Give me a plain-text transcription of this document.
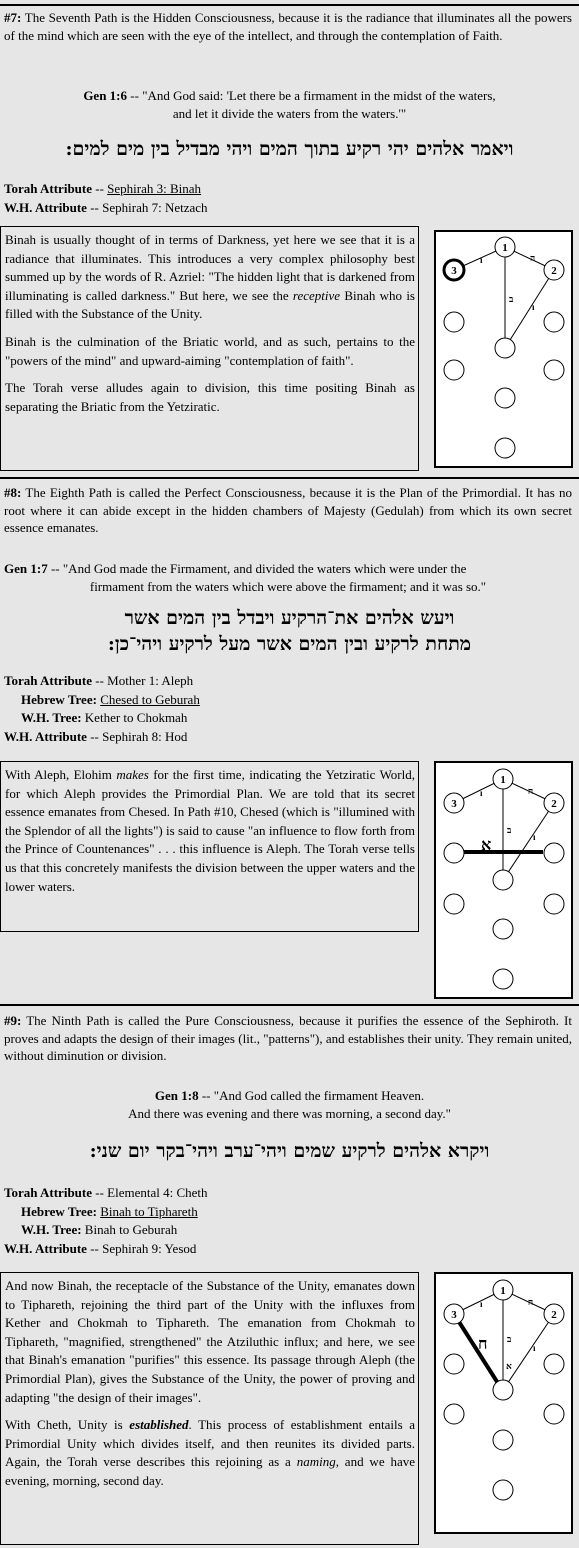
#7: The Seventh Path is the Hidden Consciousness, because it is the radiance that illuminates all the powers of the mind which are seen with the eye of the intellect, and through the contemplation of Faith.

Gen 1:6 -- "And God said: 'Let there be a firmament in the midst of the waters,
and let it divide the waters from the waters.'"
ויאמר אלהים יהי רקיע בתוך המים ויהי מבדיל בין מים למים:
Torah Attribute -- Sephirah 3: Binah
W.H. Attribute -- Sephirah 7: Netzach

Binah is usually thought of in terms of Darkness, yet here we see that it is a radiance that illuminates. This introduces a very complex philosophy best summed up by the words of R. Azriel: "The hidden light that is darkened from illuminating is called darkness." But here, we see the receptive Binah who is filled with the Substance of the Unity.

Binah is the culmination of the Briatic world, and as such, pertains to the "powers of the mind" and upward-aiming "contemplation of faith".

The Torah verse alludes again to division, this time positing Binah as separating the Briatic from the Yetziratic.

1
2
3
ı	ה
ב
ı

#8: The Eighth Path is called the Perfect Consciousness, because it is the Plan of the Primordial. It has no root where it can abide except in the hidden chambers of Majesty (Gedulah) from which its own secret essence emanates.

Gen 1:7 -- "And God made the Firmament, and divided the waters which were under the
firmament from the waters which were above the firmament; and it was so."
ויעש אלהים את־הרקיע ויבדל בין המים אשר
מתחת לרקיע ובין המים אשר מעל לרקיע ויהי־כן:
Torah Attribute -- Mother 1: Aleph
Hebrew Tree: Chesed to Geburah
W.H. Tree: Kether to Chokmah
W.H. Attribute -- Sephirah 8: Hod

With Aleph, Elohim makes for the first time, indicating the Yetziratic World, for which Aleph provides the Primordial Plan. We are told that its secret essence emanates from Chesed. In Path #10, Chesed (which is "illumined with the Splendor of all the lights") is said to cause "an influence to flow forth from the Prince of Countenances" . . . this influence is Aleph. The Torah verse tells us that this concretely manifests the division between the upper waters and the lower waters.

1
2
3
ı	ה
ב
ı
א

#9: The Ninth Path is called the Pure Consciousness, because it purifies the essence of the Sephiroth. It proves and adapts the design of their images (lit., "patterns"), and establishes their unity. They remain united, without diminution or division.

Gen 1:8 -- "And God called the firmament Heaven.
And there was evening and there was morning, a second day."
ויקרא אלהים לרקיע שמים ויהי־ערב ויהי־בקר יום שני:
Torah Attribute -- Elemental 4: Cheth
Hebrew Tree: Binah to Tiphareth
W.H. Tree: Binah to Geburah
W.H. Attribute -- Sephirah 9: Yesod

And now Binah, the receptacle of the Substance of the Unity, emanates down to Tiphareth, rejoining the third part of the Unity with the influxes from Kether and Chokmah to Tiphareth. The emanation from Chokmah to Tiphareth, "magnified, strengthened" the Atziluthic influx; and here, we see that Binah's emanation "purifies" this essence. Its passage through Aleph (the Primordial Plan), gives the Substance of the Unity, the power of proving and adapting "the design of their images".

With Cheth, Unity is established. This process of establishment entails a Primordial Unity which divides itself, and then reunites its divided parts. Again, the Torah verse describes this rejoining as a naming, and we have evening, morning, second day.

1
2
3
ı	ה
ב
ı
ח
א
